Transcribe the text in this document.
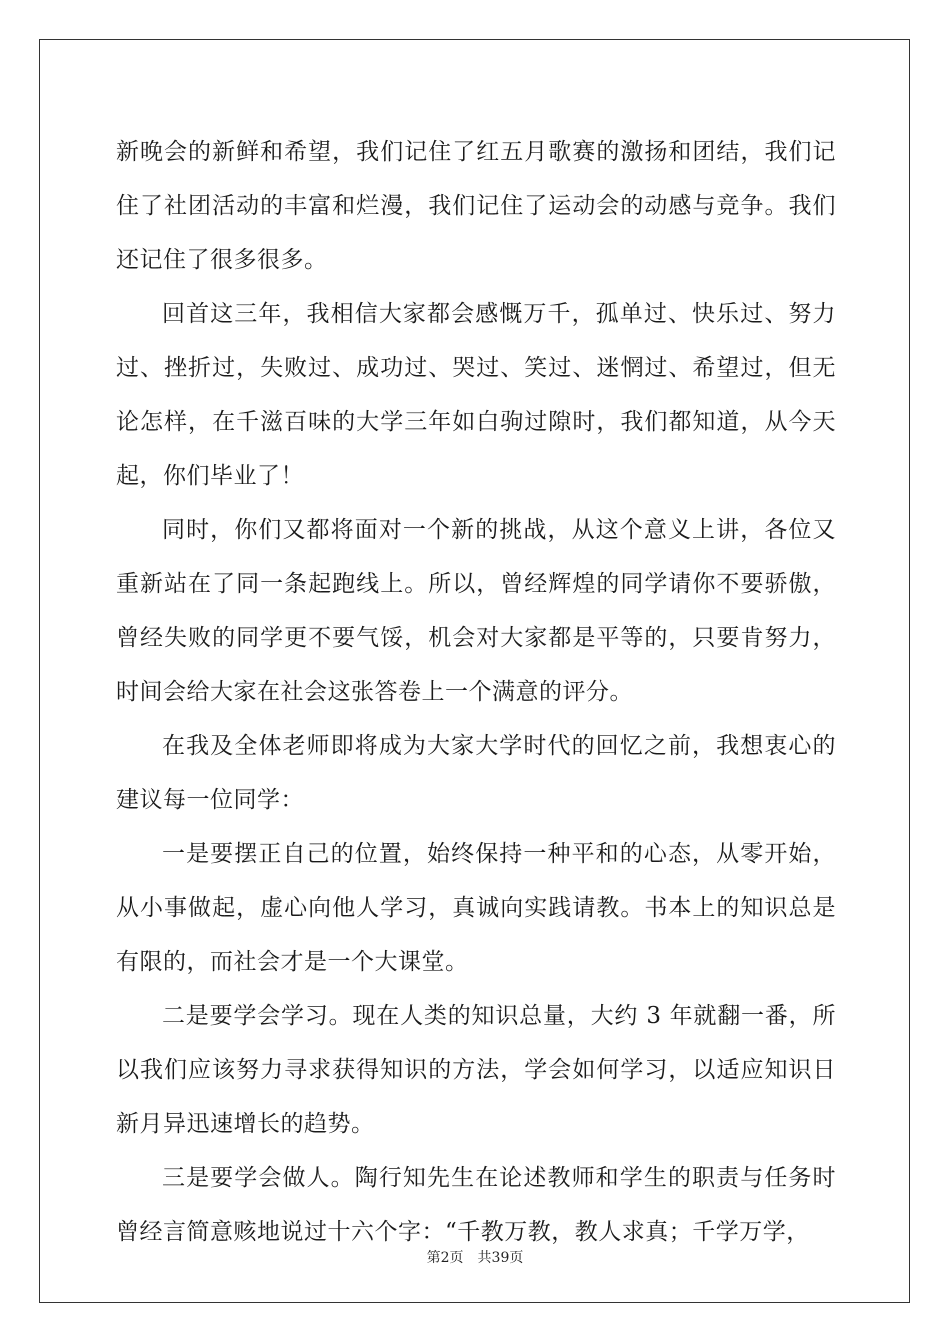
新晚会的新鲜和希望，我们记住了红五月歌赛的激扬和团结，我们记住了社团活动的丰富和烂漫，我们记住了运动会的动感与竞争。我们还记住了很多很多。

回首这三年，我相信大家都会感慨万千，孤单过、快乐过、努力过、挫折过，失败过、成功过、哭过、笑过、迷惘过、希望过，但无论怎样，在千滋百味的大学三年如白驹过隙时，我们都知道，从今天起，你们毕业了！

同时，你们又都将面对一个新的挑战，从这个意义上讲，各位又重新站在了同一条起跑线上。所以，曾经辉煌的同学请你不要骄傲，曾经失败的同学更不要气馁，机会对大家都是平等的，只要肯努力，时间会给大家在社会这张答卷上一个满意的评分。

在我及全体老师即将成为大家大学时代的回忆之前，我想衷心的建议每一位同学：

一是要摆正自己的位置，始终保持一种平和的心态，从零开始，从小事做起，虚心向他人学习，真诚向实践请教。书本上的知识总是有限的，而社会才是一个大课堂。

二是要学会学习。现在人类的知识总量，大约 3 年就翻一番，所以我们应该努力寻求获得知识的方法，学会如何学习，以适应知识日新月异迅速增长的趋势。

三是要学会做人。陶行知先生在论述教师和学生的职责与任务时曾经言简意赅地说过十六个字：“千教万教，教人求真；千学万学，

第2页 共39页
